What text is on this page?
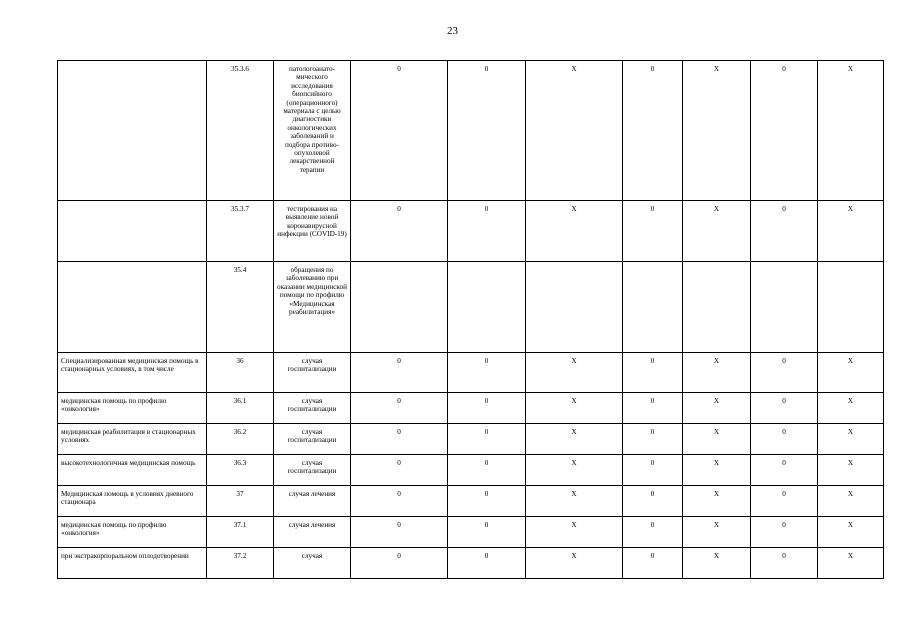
23
	35.3.6	патологоанато-мического исследования биопсийного (операционного) материала с целью диагностики онкологических заболеваний и подбора противо-опухолевой лекарственной терапии	0	0	X	0	X	0	X
	35.3.7	тестирования на выявление новой коронавирусной инфекции (COVID-19)	0	0	X	0	X	0	X
	35.4	обращения по заболеванию при оказании медицинской помощи по профилю «Медицинская реабилитация»							
Специализированная медицинская помощь в стационарных условиях, в том числе	36	случая госпитализации	0	0	X	0	X	0	X
медицинская помощь по профилю «онкология»	36.1	случая госпитализации	0	0	X	0	X	0	X
медицинская реабилитация в стационарных условиях	36.2	случая госпитализации	0	0	X	0	X	0	X
высокотехнологичная медицинская помощь	36.3	случая госпитализации	0	0	X	0	X	0	X
Медицинская помощь в условиях дневного стационара	37	случая лечения	0	0	X	0	X	0	X
медицинская помощь по профилю «онкология»	37.1	случая лечения	0	0	X	0	X	0	X
при экстракорпоральном оплодотворении	37.2	случая	0	0	X	0	X	0	X
